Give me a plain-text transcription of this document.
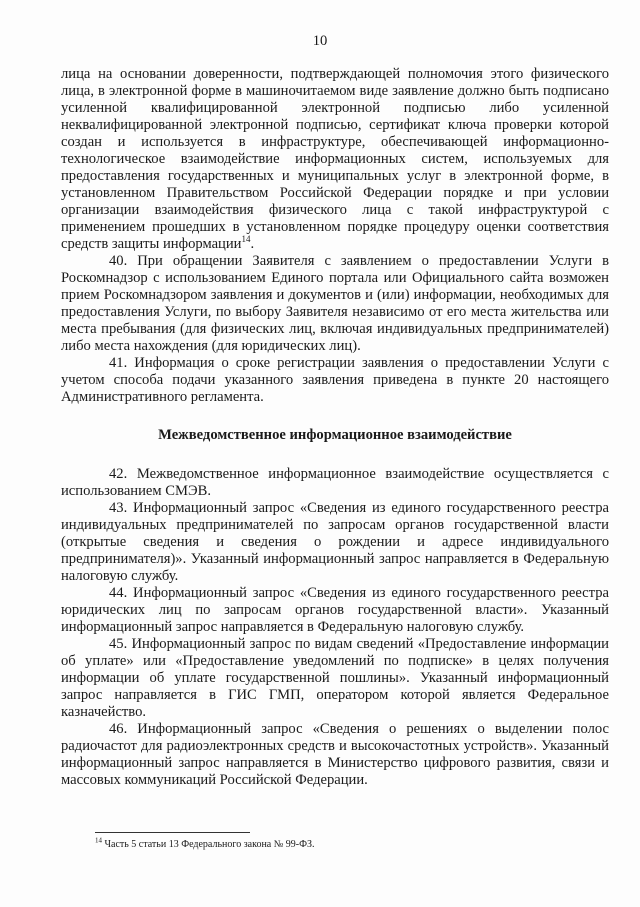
10

лица на основании доверенности, подтверждающей полномочия этого физического лица, в электронной форме в машиночитаемом виде заявление должно быть подписано усиленной квалифицированной электронной подписью либо усиленной неквалифицированной электронной подписью, сертификат ключа проверки которой создан и используется в инфраструктуре, обеспечивающей информационно-технологическое взаимодействие информационных систем, используемых для предоставления государственных и муниципальных услуг в электронной форме, в установленном Правительством Российской Федерации порядке и при условии организации взаимодействия физического лица с такой инфраструктурой с применением прошедших в установленном порядке процедуру оценки соответствия средств защиты информации$^{14}$.

40. При обращении Заявителя с заявлением о предоставлении Услуги в Роскомнадзор с использованием Единого портала или Официального сайта возможен прием Роскомнадзором заявления и документов и (или) информации, необходимых для предоставления Услуги, по выбору Заявителя независимо от его места жительства или места пребывания (для физических лиц, включая индивидуальных предпринимателей) либо места нахождения (для юридических лиц).

41. Информация о сроке регистрации заявления о предоставлении Услуги с учетом способа подачи указанного заявления приведена в пункте 20 настоящего Административного регламента.

Межведомственное информационное взаимодействие

42. Межведомственное информационное взаимодействие осуществляется с использованием СМЭВ.

43. Информационный запрос «Сведения из единого государственного реестра индивидуальных предпринимателей по запросам органов государственной власти (открытые сведения и сведения о рождении и адресе индивидуального предпринимателя)». Указанный информационный запрос направляется в Федеральную налоговую службу.

44. Информационный запрос «Сведения из единого государственного реестра юридических лиц по запросам органов государственной власти». Указанный информационный запрос направляется в Федеральную налоговую службу.

45. Информационный запрос по видам сведений «Предоставление информации об уплате» или «Предоставление уведомлений по подписке» в целях получения информации об уплате государственной пошлины». Указанный информационный запрос направляется в ГИС ГМП, оператором которой является Федеральное казначейство.

46. Информационный запрос «Сведения о решениях о выделении полос радиочастот для радиоэлектронных средств и высокочастотных устройств». Указанный информационный запрос направляется в Министерство цифрового развития, связи и массовых коммуникаций Российской Федерации.

$^{14}$ Часть 5 статьи 13 Федерального закона № 99-ФЗ.
